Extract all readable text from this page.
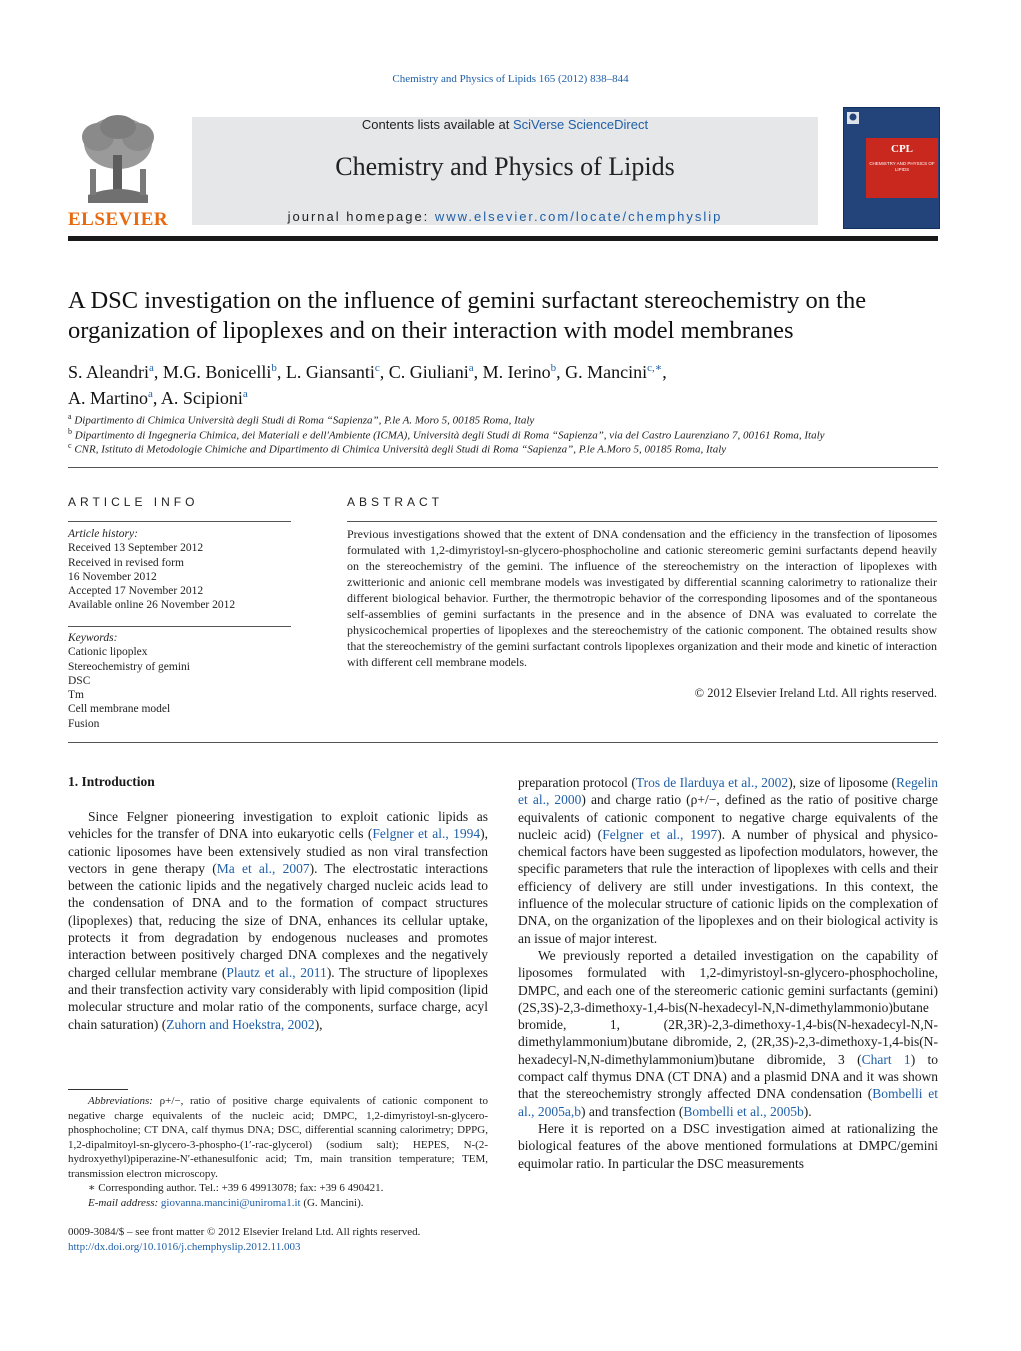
Chemistry and Physics of Lipids 165 (2012) 838–844
ELSEVIER
Contents lists available at SciVerse ScienceDirect
Chemistry and Physics of Lipids
journal homepage: www.elsevier.com/locate/chemphyslip
CPL
CHEMISTRY AND PHYSICS OF LIPIDS
A DSC investigation on the influence of gemini surfactant stereochemistry on the organization of lipoplexes and on their interaction with model membranes
S. Aleandri$^a$, M.G. Bonicelli$^b$, L. Giansanti$^c$, C. Giuliani$^a$, M. Ierino$^b$, G. Mancini$^{c,∗}$,
A. Martino$^a$, A. Scipioni$^a$
$^a$ Dipartimento di Chimica Università degli Studi di Roma “Sapienza”, P.le A. Moro 5, 00185 Roma, Italy
$^b$ Dipartimento di Ingegneria Chimica, dei Materiali e dell'Ambiente (ICMA), Università degli Studi di Roma “Sapienza”, via del Castro Laurenziano 7, 00161 Roma, Italy
$^c$ CNR, Istituto di Metodologie Chimiche and Dipartimento di Chimica Università degli Studi di Roma “Sapienza”, P.le A.Moro 5, 00185 Roma, Italy
ARTICLE INFO
Article history:
Received 13 September 2012
Received in revised form
16 November 2012
Accepted 17 November 2012
Available online 26 November 2012
Keywords:
Cationic lipoplex
Stereochemistry of gemini
DSC
Tm
Cell membrane model
Fusion
ABSTRACT
Previous investigations showed that the extent of DNA condensation and the efficiency in the transfection of liposomes formulated with 1,2-dimyristoyl-sn-glycero-phosphocholine and cationic stereomeric gemini surfactants depend heavily on the stereochemistry of the gemini. The influence of the stereochemistry on the interaction of lipoplexes with zwitterionic and anionic cell membrane models was investigated by differential scanning calorimetry to rationalize their different biological behavior. Further, the thermotropic behavior of the corresponding liposomes and of the spontaneous self-assemblies of gemini surfactants in the presence and in the absence of DNA was evaluated to correlate the physicochemical properties of lipoplexes and the stereochemistry of the cationic component. The obtained results show that the stereochemistry of the gemini surfactant controls lipoplexes organization and their mode and kinetic of interaction with different cell membrane models.
© 2012 Elsevier Ireland Ltd. All rights reserved.
1. Introduction

Since Felgner pioneering investigation to exploit cationic lipids as vehicles for the transfer of DNA into eukaryotic cells (Felgner et al., 1994), cationic liposomes have been extensively studied as non viral transfection vectors in gene therapy (Ma et al., 2007). The electrostatic interactions between the cationic lipids and the negatively charged nucleic acids lead to the condensation of DNA and to the formation of compact structures (lipoplexes) that, reducing the size of DNA, enhances its cellular uptake, protects it from degradation by endogenous nucleases and promotes interaction between positively charged DNA complexes and the negatively charged cellular membrane (Plautz et al., 2011). The structure of lipoplexes and their transfection activity vary considerably with lipid composition (lipid molecular structure and molar ratio of the components, surface charge, acyl chain saturation) (Zuhorn and Hoekstra, 2002),

Abbreviations: ρ+/−, ratio of positive charge equivalents of cationic component to negative charge equivalents of the nucleic acid; DMPC, 1,2-dimyristoyl-sn-glycero-phosphocholine; CT DNA, calf thymus DNA; DSC, differential scanning calorimetry; DPPG, 1,2-dipalmitoyl-sn-glycero-3-phospho-(1′-rac-glycerol) (sodium salt); HEPES, N-(2-hydroxyethyl)piperazine-N′-ethanesulfonic acid; Tm, main transition temperature; TEM, transmission electron microscopy.

∗ Corresponding author. Tel.: +39 6 49913078; fax: +39 6 490421.

E-mail address: giovanna.mancini@uniroma1.it (G. Mancini).

0009-3084/$ – see front matter © 2012 Elsevier Ireland Ltd. All rights reserved.
http://dx.doi.org/10.1016/j.chemphyslip.2012.11.003

preparation protocol (Tros de Ilarduya et al., 2002), size of liposome (Regelin et al., 2000) and charge ratio (ρ+/−, defined as the ratio of positive charge equivalents of cationic component to negative charge equivalents of the nucleic acid) (Felgner et al., 1997). A number of physical and physico-chemical factors have been suggested as lipofection modulators, however, the specific parameters that rule the interaction of lipoplexes with cells and their efficiency of delivery are still under investigations. In this context, the influence of the molecular structure of cationic lipids on the complexation of DNA, on the organization of the lipoplexes and on their biological activity is an issue of major interest.

We previously reported a detailed investigation on the capability of liposomes formulated with 1,2-dimyristoyl-sn-glycero-phosphocholine, DMPC, and each one of the stereomeric cationic gemini surfactants (gemini) (2S,3S)-2,3-dimethoxy-1,4-bis(N-hexadecyl-N,N-dimethylammonio)butane bromide, 1, (2R,3R)-2,3-dimethoxy-1,4-bis(N-hexadecyl-N,N-dimethylammonium)butane dibromide, 2, (2R,3S)-2,3-dimethoxy-1,4-bis(N-hexadecyl-N,N-dimethylammonium)butane dibromide, 3 (Chart 1) to compact calf thymus DNA (CT DNA) and a plasmid DNA and it was shown that the stereochemistry strongly affected DNA condensation (Bombelli et al., 2005a,b) and transfection (Bombelli et al., 2005b).

Here it is reported on a DSC investigation aimed at rationalizing the biological features of the above mentioned formulations at DMPC/gemini equimolar ratio. In particular the DSC measurements
